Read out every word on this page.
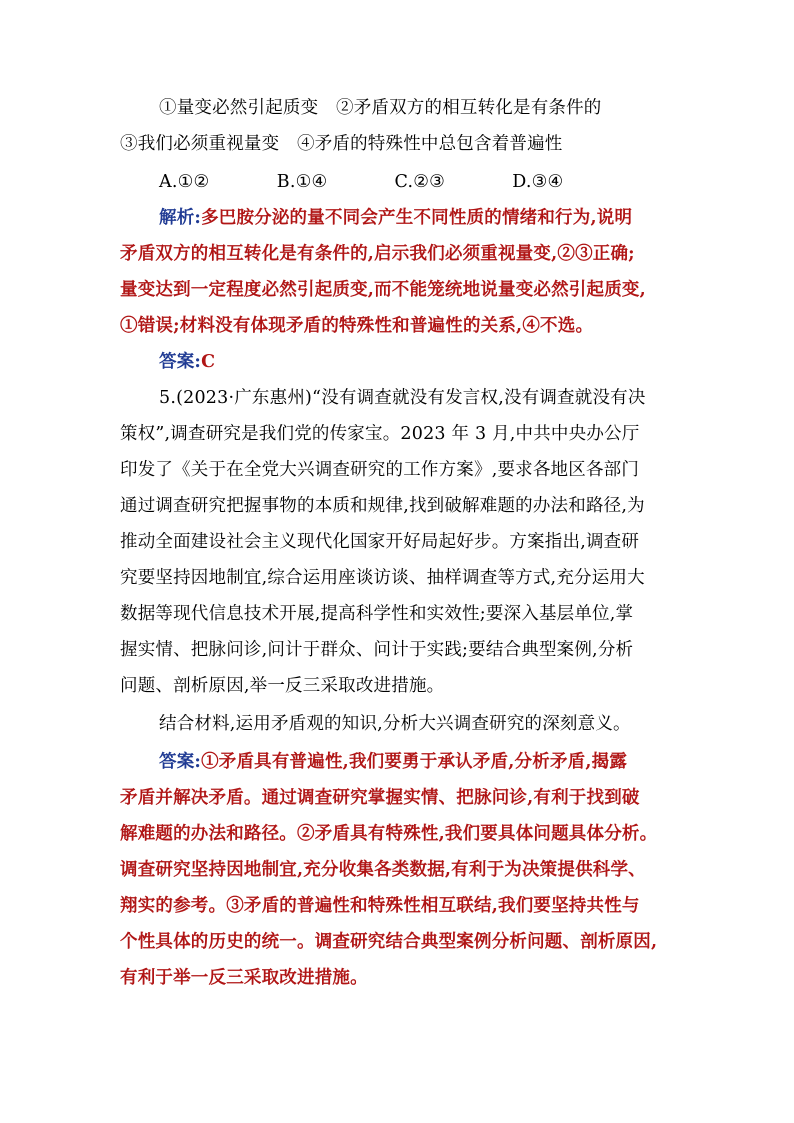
①量变必然引起质变　②矛盾双方的相互转化是有条件的
③我们必须重视量变　④矛盾的特殊性中总包含着普遍性
A.①②	B.①④	C.②③	D.③④
解析:多巴胺分泌的量不同会产生不同性质的情绪和行为,说明
矛盾双方的相互转化是有条件的,启示我们必须重视量变,②③正确;
量变达到一定程度必然引起质变,而不能笼统地说量变必然引起质变,
①错误;材料没有体现矛盾的特殊性和普遍性的关系,④不选。
答案:C
5.(2023·广东惠州)“没有调查就没有发言权,没有调查就没有决
策权”,调查研究是我们党的传家宝。2023 年 3 月,中共中央办公厅
印发了《关于在全党大兴调查研究的工作方案》,要求各地区各部门
通过调查研究把握事物的本质和规律,找到破解难题的办法和路径,为
推动全面建设社会主义现代化国家开好局起好步。方案指出,调查研
究要坚持因地制宜,综合运用座谈访谈、抽样调查等方式,充分运用大
数据等现代信息技术开展,提高科学性和实效性;要深入基层单位,掌
握实情、把脉问诊,问计于群众、问计于实践;要结合典型案例,分析
问题、剖析原因,举一反三采取改进措施。
结合材料,运用矛盾观的知识,分析大兴调查研究的深刻意义。
答案:①矛盾具有普遍性,我们要勇于承认矛盾,分析矛盾,揭露
矛盾并解决矛盾。通过调查研究掌握实情、把脉问诊,有利于找到破
解难题的办法和路径。②矛盾具有特殊性,我们要具体问题具体分析。
调查研究坚持因地制宜,充分收集各类数据,有利于为决策提供科学、
翔实的参考。③矛盾的普遍性和特殊性相互联结,我们要坚持共性与
个性具体的历史的统一。调查研究结合典型案例分析问题、剖析原因,
有利于举一反三采取改进措施。
